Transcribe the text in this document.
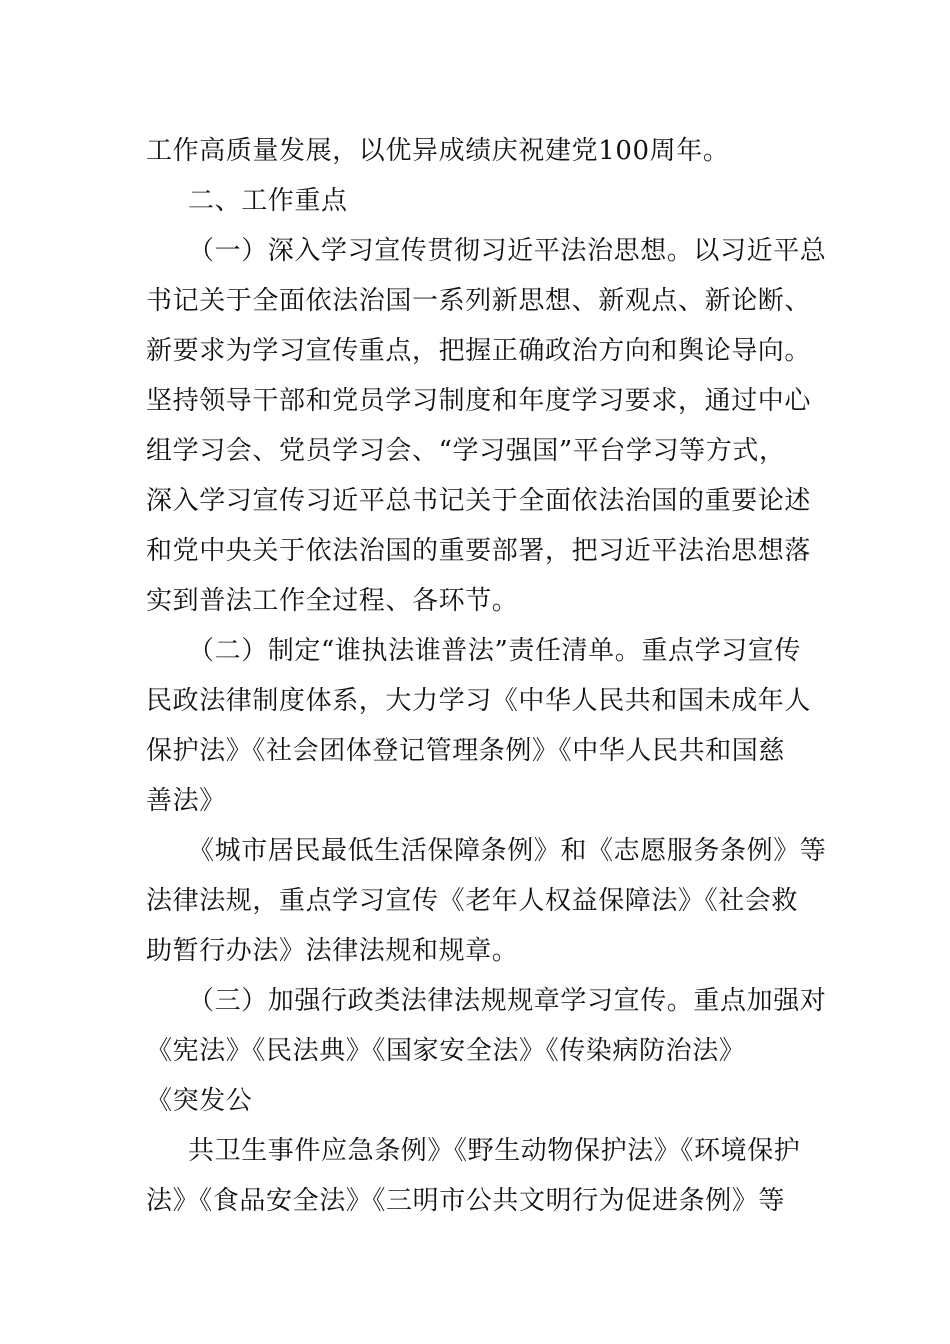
工作高质量发展，以优异成绩庆祝建党100周年。
二、工作重点
（一）深入学习宣传贯彻习近平法治思想。以习近平总
书记关于全面依法治国一系列新思想、新观点、新论断、
新要求为学习宣传重点，把握正确政治方向和舆论导向。
坚持领导干部和党员学习制度和年度学习要求，通过中心
组学习会、党员学习会、“学习强国”平台学习等方式，
深入学习宣传习近平总书记关于全面依法治国的重要论述
和党中央关于依法治国的重要部署，把习近平法治思想落
实到普法工作全过程、各环节。
（二）制定“谁执法谁普法”责任清单。重点学习宣传
民政法律制度体系，大力学习《中华人民共和国未成年人
保护法》《社会团体登记管理条例》《中华人民共和国慈
善法》
《城市居民最低生活保障条例》和《志愿服务条例》等
法律法规，重点学习宣传《老年人权益保障法》《社会救
助暂行办法》法律法规和规章。
（三）加强行政类法律法规规章学习宣传。重点加强对
《宪法》《民法典》《国家安全法》《传染病防治法》
《突发公
共卫生事件应急条例》《野生动物保护法》《环境保护
法》《食品安全法》《三明市公共文明行为促进条例》等
